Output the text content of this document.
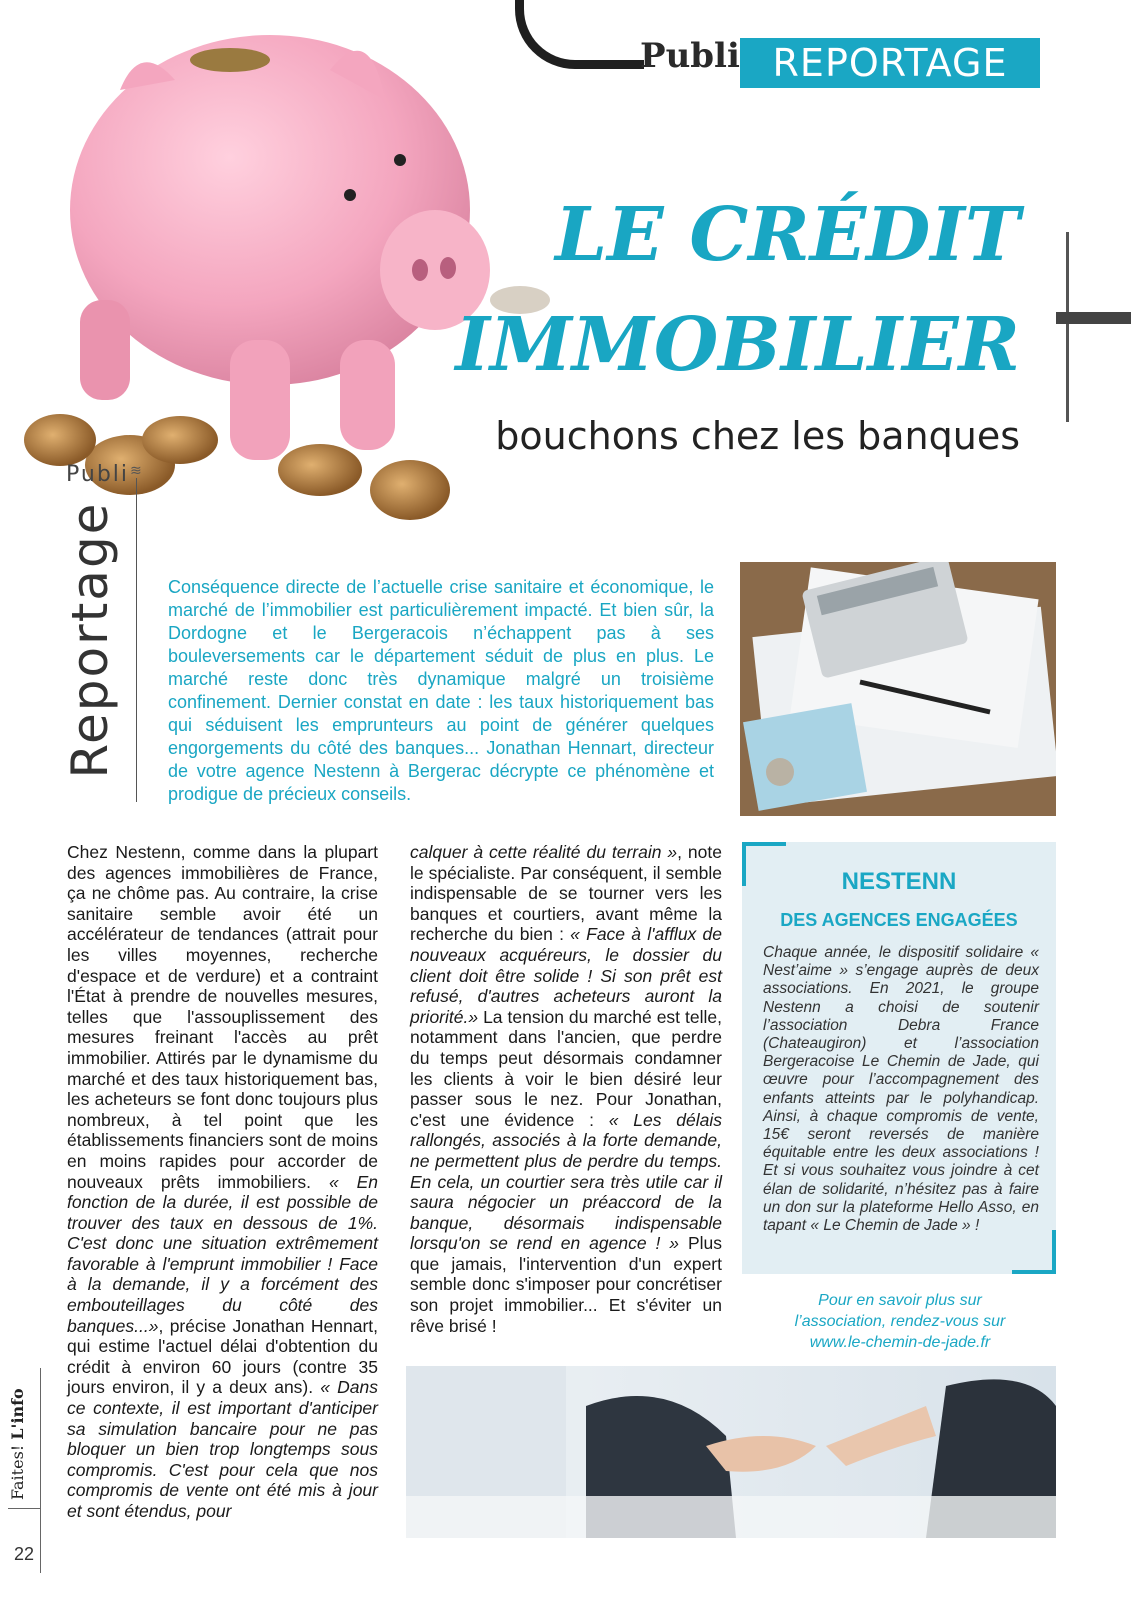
Publi REPORTAGE
LE CRÉDIT
IMMOBILIER
bouchons chez les banques
Publi ≋
Reportage	Conséquence directe de l’actuelle crise sanitaire et économique, le marché de l’immobilier est particulièrement impacté. Et bien sûr, la Dordogne et le Bergeracois n’échappent pas à ses bouleversements car le département séduit de plus en plus. Le marché reste donc très dynamique malgré un troisième confinement. Dernier constat en date : les taux historiquement bas qui séduisent les emprunteurs au point de générer quelques engorgements du côté des banques... Jonathan Hennart, directeur de votre agence Nestenn à Bergerac décrypte ce phénomène et prodigue de précieux conseils.
Chez Nestenn, comme dans la plupart des agences immobilières de France, ça ne chôme pas. Au contraire, la crise sanitaire semble avoir été un accélérateur de tendances (attrait pour les villes moyennes, recherche d'espace et de verdure) et a contraint l'État à prendre de nouvelles mesures, telles que l'assouplissement des mesures freinant l'accès au prêt immobilier. Attirés par le dynamisme du marché et des taux historiquement bas, les acheteurs se font donc toujours plus nombreux, à tel point que les établissements financiers sont de moins en moins rapides pour accorder de nouveaux prêts immobiliers. « En fonction de la durée, il est possible de trouver des taux en dessous de 1%. C'est donc une situation extrêmement favorable à l'emprunt immobilier ! Face à la demande, il y a forcément des embouteillages du côté des banques...», précise Jonathan Hennart, qui estime l'actuel délai d'obtention du crédit à environ 60 jours (contre 35 jours environ, il y a deux ans). « Dans ce contexte, il est important d'anticiper sa simulation bancaire pour ne pas bloquer un bien trop longtemps sous compromis. C'est pour cela que nos compromis de vente ont été mis à jour et sont étendus, pour
calquer à cette réalité du terrain », note le spécialiste. Par conséquent, il semble indispensable de se tourner vers les banques et courtiers, avant même la recherche du bien : « Face à l'afflux de nouveaux acquéreurs, le dossier du client doit être solide ! Si son prêt est refusé, d'autres acheteurs auront la priorité.» La tension du marché est telle, notamment dans l'ancien, que perdre du temps peut désormais condamner les clients à voir le bien désiré leur passer sous le nez. Pour Jonathan, c'est une évidence : « Les délais rallongés, associés à la forte demande, ne permettent plus de perdre du temps. En cela, un courtier sera très utile car il saura négocier un préaccord de la banque, désormais indispensable lorsqu'on se rend en agence ! » Plus que jamais, l'intervention d'un expert semble donc s'imposer pour concrétiser son projet immobilier... Et s'éviter un rêve brisé !
NESTENN
DES AGENCES ENGAGÉES
Chaque année, le dispositif solidaire « Nest’aime » s’engage auprès de deux associations. En 2021, le groupe Nestenn a choisi de soutenir l’association Debra France (Chateaugiron) et l’association Bergeracoise Le Chemin de Jade, qui œuvre pour l’accompagnement des enfants atteints par le polyhandicap. Ainsi, à chaque compromis de vente, 15€ seront reversés de manière équitable entre les deux associations ! Et si vous souhaitez vous joindre à cet élan de solidarité, n’hésitez pas à faire un don sur la plateforme Hello Asso, en tapant « Le Chemin de Jade » !
Pour en savoir plus sur
l’association, rendez-vous sur
www.le-chemin-de-jade.fr
Faites! L'info
22
